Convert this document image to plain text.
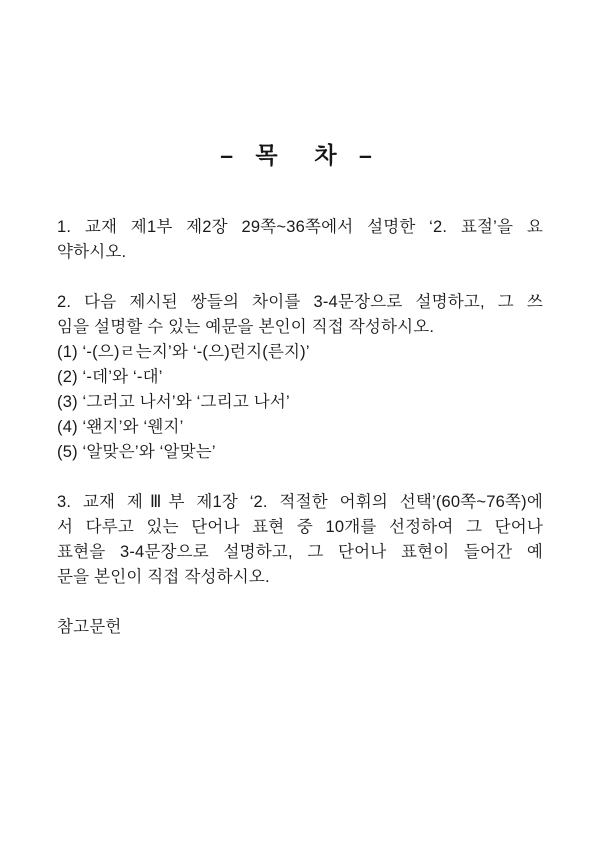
– 목  차 –
1. 교재 제1부 제2장 29쪽~36쪽에서 설명한 ‘2. 표절’을 요
약하시오.
2. 다음 제시된 쌍들의 차이를 3-4문장으로 설명하고, 그 쓰
임을 설명할 수 있는 예문을 본인이 직접 작성하시오.
(1) ‘-(으)ㄹ는지’와 ‘-(으)런지(른지)’
(2) ‘-데’와 ‘-대’
(3) ‘그러고 나서’와 ‘그리고 나서’
(4) ‘왠지’와 ‘웬지’
(5) ‘알맞은’와 ‘알맞는’
3. 교재 제Ⅲ부 제1장 ‘2. 적절한 어휘의 선택’(60쪽~76쪽)에
서 다루고 있는 단어나 표현 중 10개를 선정하여 그 단어나
표현을 3-4문장으로 설명하고, 그 단어나 표현이 들어간 예
문을 본인이 직접 작성하시오.
참고문헌
